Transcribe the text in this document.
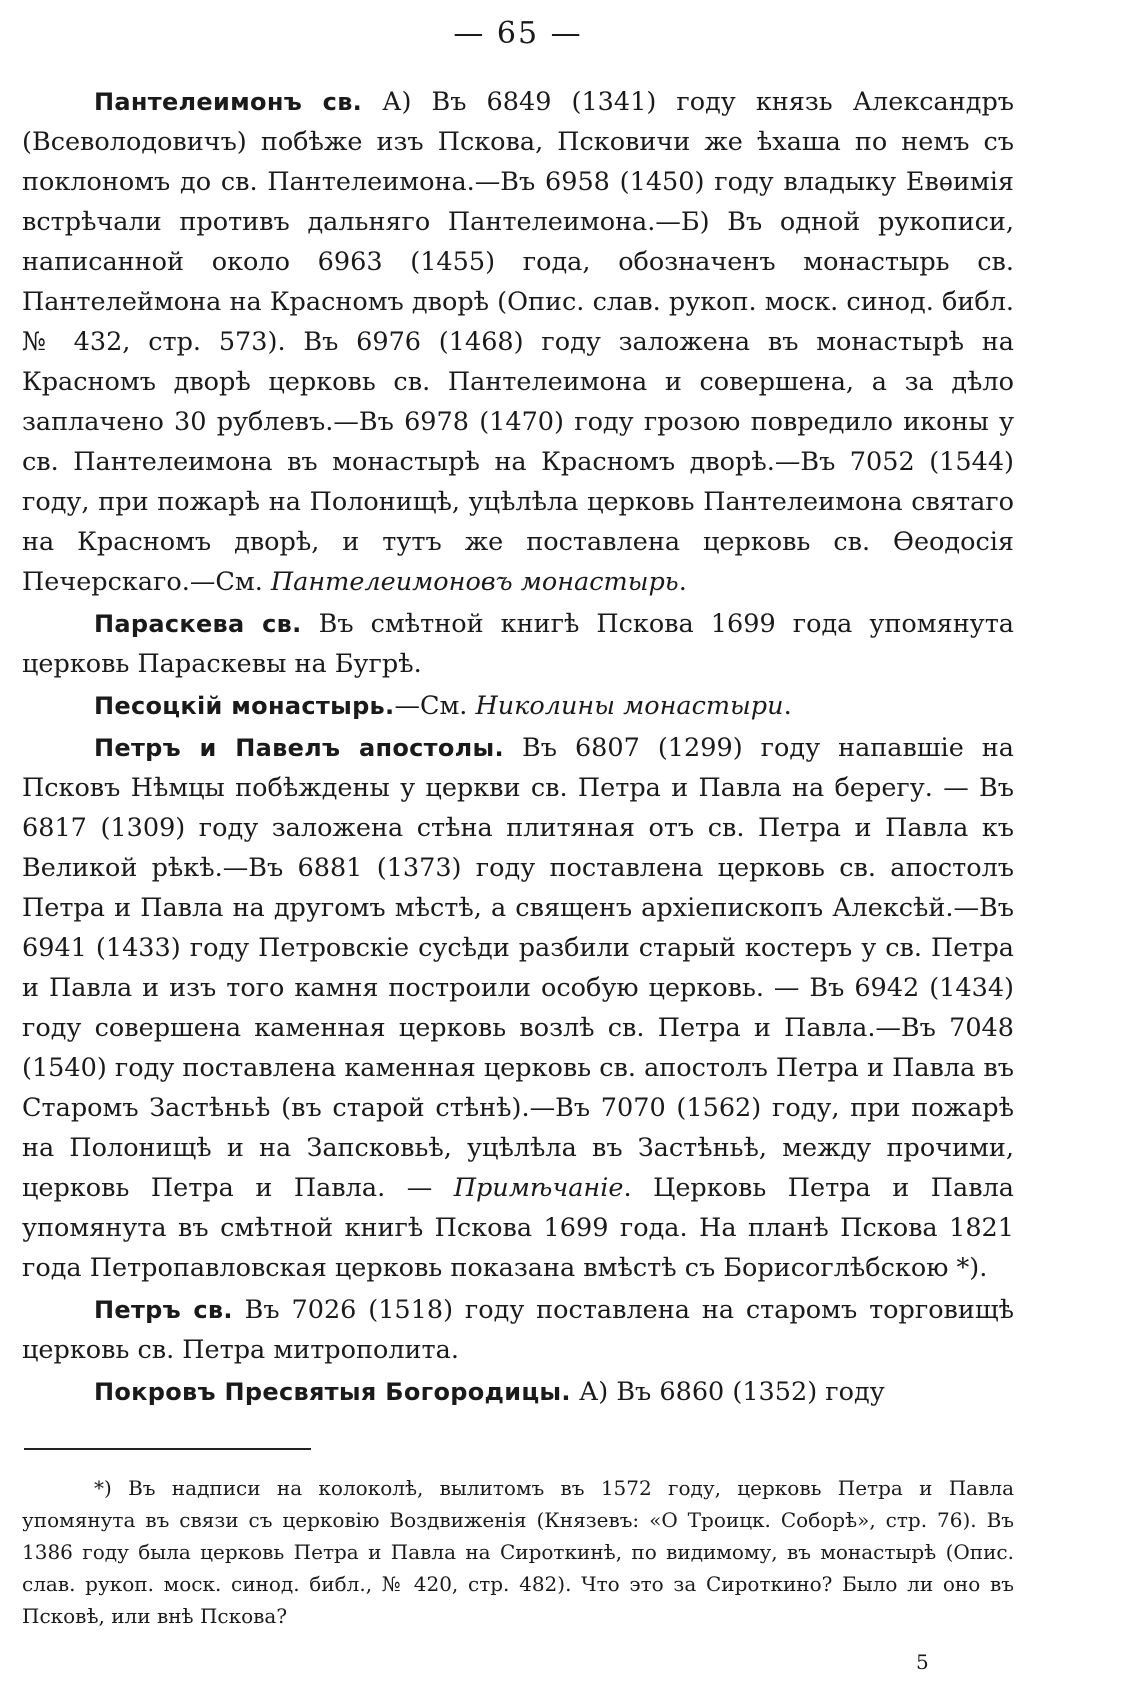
— 65 —

Пантелеимонъ св. А) Въ 6849 (1341) году князь Александръ (Всеволодовичъ) побѣже изъ Пскова, Псковичи же ѣхаша по немъ съ поклономъ до св. Пантелеимона.—Въ 6958 (1450) году владыку Евѳимія встрѣчали противъ дальняго Пантелеимона.—Б) Въ одной рукописи, написанной около 6963 (1455) года, обозначенъ монастырь св. Пантелеймона на Красномъ дворѣ (Опис. слав. рукоп. моск. синод. библ. № 432, стр. 573). Въ 6976 (1468) году заложена въ монастырѣ на Красномъ дворѣ церковь св. Пантелеимона и совершена, а за дѣло заплачено 30 рублевъ.—Въ 6978 (1470) году грозою повредило иконы у св. Пантелеимона въ монастырѣ на Красномъ дворѣ.—Въ 7052 (1544) году, при пожарѣ на Полонищѣ, уцѣлѣла церковь Пантелеимона святаго на Красномъ дворѣ, и тутъ же поставлена церковь св. Ѳеодосія Печерскаго.—См. Пантелеимоновъ монастырь.

Параскева св. Въ смѣтной книгѣ Пскова 1699 года упомянута церковь Параскевы на Бугрѣ.

Песоцкій монастырь.—См. Николины монастыри.

Петръ и Павелъ апостолы. Въ 6807 (1299) году напавшіе на Псковъ Нѣмцы побѣждены у церкви св. Петра и Павла на берегу. — Въ 6817 (1309) году заложена стѣна плитяная отъ св. Петра и Павла къ Великой рѣкѣ.—Въ 6881 (1373) году поставлена церковь св. апостолъ Петра и Павла на другомъ мѣстѣ, а священъ архіепископъ Алексѣй.—Въ 6941 (1433) году Петровскіе сусѣди разбили старый костеръ у св. Петра и Павла и изъ того камня построили особую церковь. — Въ 6942 (1434) году совершена каменная церковь возлѣ св. Петра и Павла.—Въ 7048 (1540) году поставлена каменная церковь св. апостолъ Петра и Павла въ Старомъ Застѣньѣ (въ старой стѣнѣ).—Въ 7070 (1562) году, при пожарѣ на Полонищѣ и на Запсковьѣ, уцѣлѣла въ Застѣньѣ, между прочими, церковь Петра и Павла. — Примѣчаніе. Церковь Петра и Павла упомянута въ смѣтной книгѣ Пскова 1699 года. На планѣ Пскова 1821 года Петропавловская церковь показана вмѣстѣ съ Борисоглѣбскою *).

Петръ св. Въ 7026 (1518) году поставлена на старомъ торговищѣ церковь св. Петра митрополита.

Покровъ Пресвятыя Богородицы. А) Въ 6860 (1352) году

*) Въ надписи на колоколѣ, вылитомъ въ 1572 году, церковь Петра и Павла упомянута въ связи съ церковію Воздвиженія (Князевъ: «О Троицк. Соборѣ», стр. 76). Въ 1386 году была церковь Петра и Павла на Сироткинѣ, по видимому, въ монастырѣ (Опис. слав. рукоп. моск. синод. библ., № 420, стр. 482). Что это за Сироткино? Было ли оно въ Псковѣ, или внѣ Пскова?

5
